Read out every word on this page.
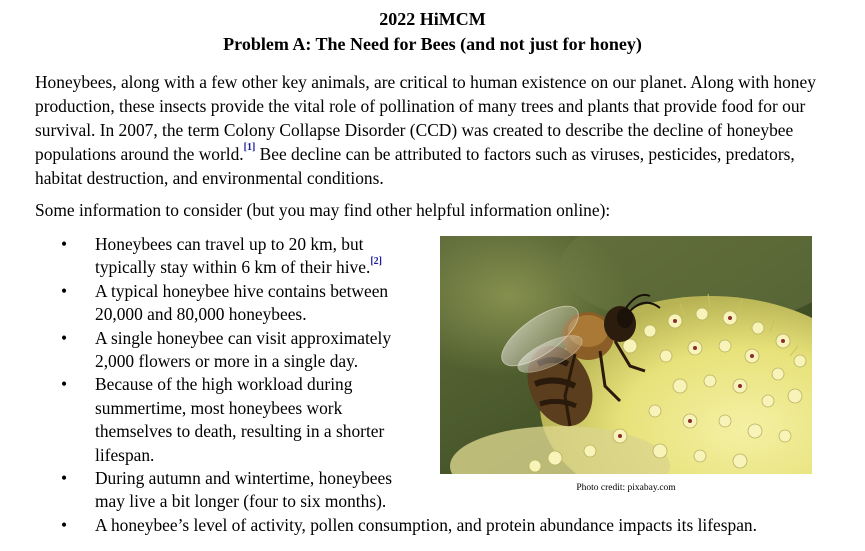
2022 HiMCM
Problem A: The Need for Bees (and not just for honey)
Honeybees, along with a few other key animals, are critical to human existence on our planet. Along with honey production, these insects provide the vital role of pollination of many trees and plants that provide food for our survival. In 2007, the term Colony Collapse Disorder (CCD) was created to describe the decline of honeybee populations around the world.[1] Bee decline can be attributed to factors such as viruses, pesticides, predators, habitat destruction, and environmental conditions.
Some information to consider (but you may find other helpful information online):
• Honeybees can travel up to 20 km, but
typically stay within 6 km of their hive.[2]
• A typical honeybee hive contains between
20,000 and 80,000 honeybees.
• A single honeybee can visit approximately
2,000 flowers or more in a single day.
• Because of the high workload during
summertime, most honeybees work
themselves to death, resulting in a shorter
lifespan.
• During autumn and wintertime, honeybees
may live a bit longer (four to six months).
• A honeybee’s level of activity, pollen consumption, and protein abundance impacts its lifespan.
Photo credit: pixabay.com
